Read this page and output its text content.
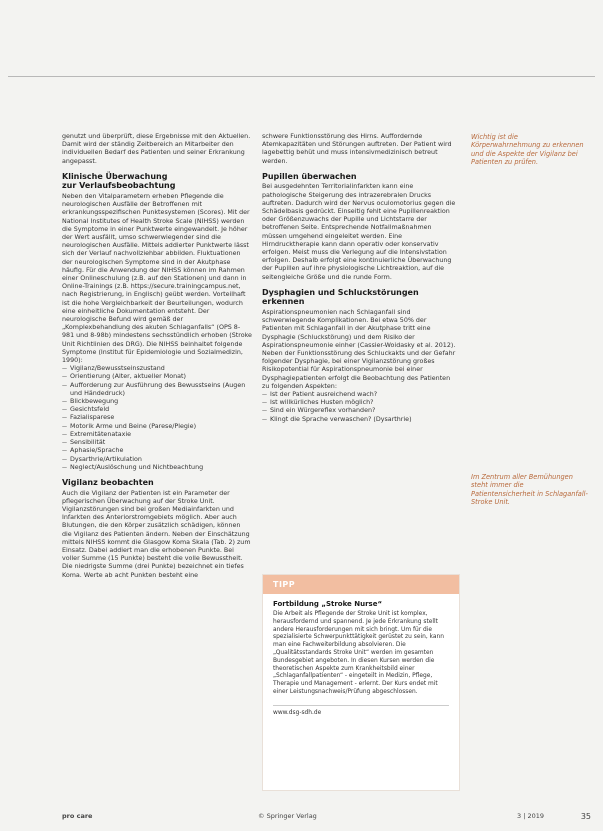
genutzt und überprüft, diese Ergebnisse mit den Aktuellen. Damit wird der ständig Zeitbereich an Mitarbeiter den individuellen Bedarf des Patienten und seiner Erkrankung angepasst.

Klinische Überwachung
zur Verlaufsbeobachtung

Neben den Vitalparametern erheben Pflegende die neurologischen Ausfälle der Betroffenen mit erkrankungsspezifischen Punktesystemen (Scores). Mit der National Institutes of Health Stroke Scale (NIHSS) werden die Symptome in einer Punktwerte eingewandelt. Je höher der Wert ausfällt, umso schwerwiegender sind die neurologischen Ausfälle. Mittels addierter Punktwerte lässt sich der Verlauf nachvollziehbar abbilden. Fluktuationen der neurologischen Symptome sind in der Akutphase häufig. Für die Anwendung der NIHSS können im Rahmen einer Onlineschulung (z.B. auf den Stationen) und dann in Online-Trainings (z.B. https://secure.trainingcampus.net, nach Registrierung, in Englisch) geübt werden. Vorteilhaft ist die hohe Vergleichbarkeit der Beurteilungen, wodurch eine einheitliche Dokumentation entsteht. Der neurologische Befund wird gemäß der „Komplexbehandlung des akuten Schlaganfalls“ (OPS 8-981 und 8-98b) mindestens sechsstündlich erhoben (Stroke Unit Richtlinien des DRG). Die NIHSS beinhaltet folgende Symptome (Institut für Epidemiologie und Sozialmedizin, 1990):

— Vigilanz/Bewusstseinszustand
— Orientierung (Alter, aktueller Monat)
— Aufforderung zur Ausführung des Bewusstseins (Augen und Händedruck)
— Blickbewegung
— Gesichtsfeld
— Fazialisparese
— Motorik Arme und Beine (Parese/Plegie)
— Extremitätenataxie
— Sensibilität
— Aphasie/Sprache
— Dysarthrie/Artikulation
— Neglect/Auslöschung und Nichtbeachtung
Vigilanz beobachten

Auch die Vigilanz der Patienten ist ein Parameter der pflegerischen Überwachung auf der Stroke Unit. Vigilanzstörungen sind bei großen Mediainfarkten und Infarkten des Anteriorstromgebiets möglich. Aber auch Blutungen, die den Körper zusätzlich schädigen, können die Vigilanz des Patienten ändern. Neben der Einschätzung mittels NIHSS kommt die Glasgow Koma Skala (Tab. 2) zum Einsatz. Dabei addiert man die erhobenen Punkte. Bei voller Summe (15 Punkte) besteht die volle Bewusstheit. Die niedrigste Summe (drei Punkte) bezeichnet ein tiefes Koma. Werte ab acht Punkten besteht eine

schwere Funktionsstörung des Hirns. Auffordernde Atemkapazitäten und Störungen auftreten. Der Patient wird lagebettig behüt und muss intensivmedizinisch betreut werden.

Pupillen überwachen

Bei ausgedehnten Territorialinfarkten kann eine pathologische Steigerung des intrazerebralen Drucks auftreten. Dadurch wird der Nervus oculomotorius gegen die Schädelbasis gedrückt. Einseitig fehlt eine Pupillenreaktion oder Größenzuwachs der Pupille und Lichtstarre der betroffenen Seite. Entsprechende Notfallmaßnahmen müssen umgehend eingeleitet werden. Eine Hirndrucktherapie kann dann operativ oder konservativ erfolgen. Meist muss die Verlegung auf die Intensivstation erfolgen. Deshalb erfolgt eine kontinuierliche Überwachung der Pupillen auf ihre physiologische Lichtreaktion, auf die seitengleiche Größe und die runde Form.

Dysphagien und Schluckstörungen erkennen

Aspirationspneumonien nach Schlaganfall sind schwerwiegende Komplikationen. Bei etwa 50% der Patienten mit Schlaganfall in der Akutphase tritt eine Dysphagie (Schluckstörung) und dem Risiko der Aspirationspneumonie einher (Cassier-Woidasky et al. 2012). Neben der Funktionsstörung des Schluckakts und der Gefahr folgender Dysphagie, bei einer Vigilanzstörung großes Risikopotential für Aspirationspneumonie bei einer Dysphagiepatienten erfolgt die Beobachtung des Patienten zu folgenden Aspekten:

— Ist der Patient ausreichend wach?
— Ist willkürliches Husten möglich?
— Sind ein Würgereflex vorhanden?
— Klingt die Sprache verwaschen? (Dysarthrie)
TIPP
Fortbildung „Stroke Nurse“

Die Arbeit als Pflegende der Stroke Unit ist komplex, herausfordernd und spannend. Je jede Erkrankung stellt andere Herausforderungen mit sich bringt. Um für die spezialisierte Schwerpunkttätigkeit gerüstet zu sein, kann man eine Fachweiterbildung absolvieren. Die „Qualitätsstandards Stroke Unit“ werden im gesamten Bundesgebiet angeboten. In diesen Kursen werden die theoretischen Aspekte zum Krankheitsbild einer „Schlaganfallpatienten“ - eingeteilt in Medizin, Pflege, Therapie und Management - erlernt. Der Kurs endet mit einer Leistungsnachweis/Prüfung abgeschlossen.

www.dsg-sdh.de

Wichtig ist die Körperwahrnehmung zu erkennen und die Aspekte der Vigilanz bei Patienten zu prüfen.

Im Zentrum aller Bemühungen steht immer die Patientensicherheit in Schlaganfall-Stroke Unit.

pro care	© Springer Verlag	3 | 2019	35
